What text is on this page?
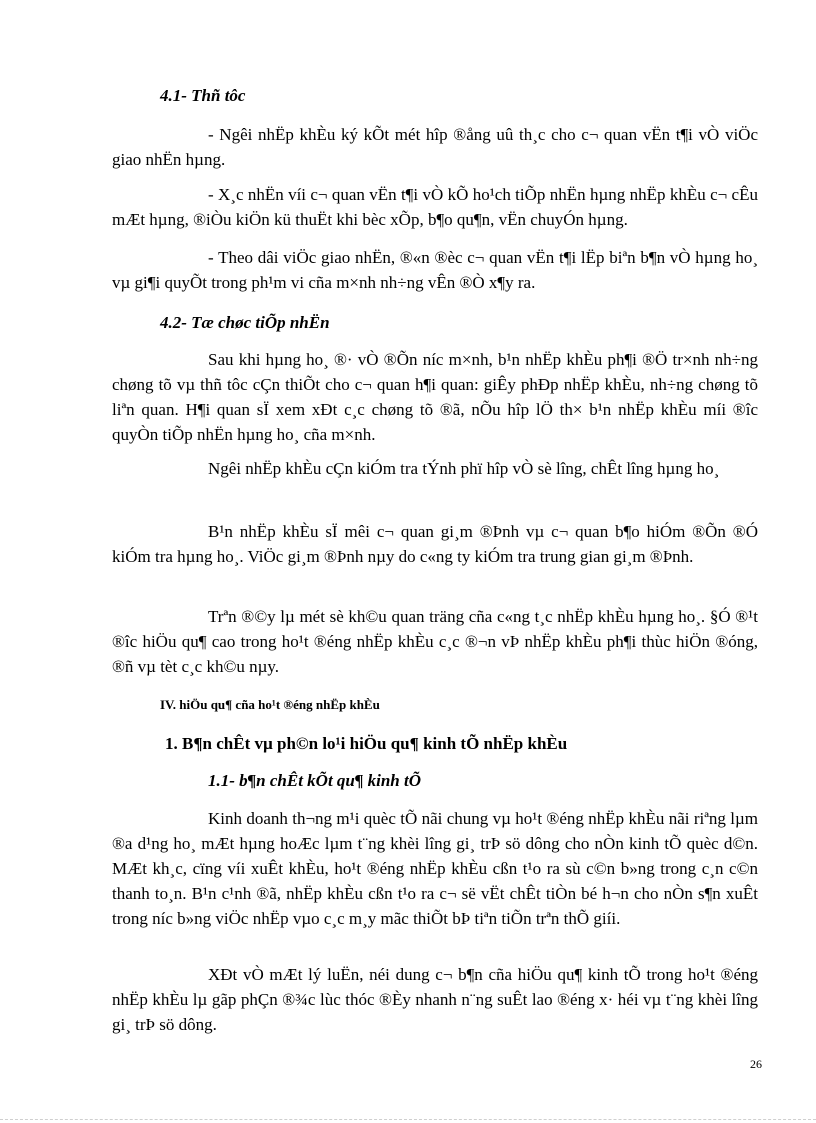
4.1- Thñ tôc
- Ngêi nhËp khÈu ký kÕt mét hîp ®ång uû th¸c cho c¬ quan vËn t¶i vÒ viÖc giao nhËn hµng.
- X¸c nhËn víi c¬ quan vËn t¶i vÒ kÕ ho¹ch tiÕp nhËn hµng nhËp khÈu c¬ cÊu mÆt hµng, ®iÒu kiÖn kü thuËt khi bèc xÕp, b¶o qu¶n, vËn chuyÓn hµng.
- Theo dâi viÖc giao nhËn, ®«n ®èc c¬ quan vËn t¶i lËp biªn b¶n vÒ hµng ho¸ vµ gi¶i quyÕt trong ph¹m vi cña m×nh nh÷ng vÊn ®Ò x¶y ra.
4.2- Tæ chøc tiÕp nhËn
Sau khi hµng ho¸ ®· vÒ ®Õn níc m×nh, b¹n nhËp khÈu ph¶i ®Ö tr×nh nh÷ng chøng tõ vµ thñ tôc cÇn thiÕt cho c¬ quan h¶i quan: giÊy phÐp nhËp khÈu, nh÷ng chøng tõ liªn quan. H¶i quan sÏ xem xÐt c¸c chøng tõ ®ã, nÕu hîp lÖ th× b¹n nhËp khÈu míi ®îc quyÒn tiÕp nhËn hµng ho¸ cña m×nh.
Ngêi nhËp khÈu cÇn kiÓm tra tÝnh phï hîp vÒ sè lîng, chÊt lîng hµng ho¸
B¹n nhËp khÈu sÏ mêi c¬ quan gi¸m ®Þnh vµ c¬ quan b¶o hiÓm ®Õn ®Ó kiÓm tra hµng ho¸. ViÖc gi¸m ®Þnh nµy do c«ng ty kiÓm tra trung gian gi¸m ®Þnh.
Trªn ®©y lµ mét sè kh©u quan träng cña c«ng t¸c nhËp khÈu hµng ho¸. §Ó ®¹t ®îc hiÖu qu¶ cao trong ho¹t ®éng nhËp khÈu c¸c ®¬n vÞ nhËp khÈu ph¶i thùc hiÖn ®óng, ®ñ vµ tèt c¸c kh©u nµy.
IV. hiÖu qu¶ cña ho¹t ®éng nhËp khÈu
1. B¶n chÊt vµ ph©n lo¹i hiÖu qu¶ kinh tÕ nhËp khÈu
1.1- b¶n chÊt kÕt qu¶ kinh tÕ
Kinh doanh th¬ng m¹i quèc tÕ nãi chung vµ ho¹t ®éng nhËp khÈu nãi riªng lµm ®a d¹ng ho¸ mÆt hµng hoÆc lµm t¨ng khèi lîng gi¸ trÞ sö dông cho nÒn kinh tÕ quèc d©n. MÆt kh¸c, cïng víi xuÊt khÈu, ho¹t ®éng nhËp khÈu cßn t¹o ra sù c©n b»ng trong c¸n c©n thanh to¸n. B¹n c¹nh ®ã, nhËp khÈu cßn t¹o ra c¬ së vËt chÊt tiÒn bé h¬n cho nÒn s¶n xuÊt trong níc b»ng viÖc nhËp vµo c¸c m¸y mãc thiÕt bÞ tiªn tiÕn trªn thÕ giíi.
XÐt vÒ mÆt lý luËn, néi dung c¬ b¶n cña hiÖu qu¶ kinh tÕ trong ho¹t ®éng nhËp khÈu lµ gãp phÇn ®¾c lùc thóc ®Èy nhanh n¨ng suÊt lao ®éng x· héi vµ t¨ng khèi lîng gi¸ trÞ sö dông.
26
